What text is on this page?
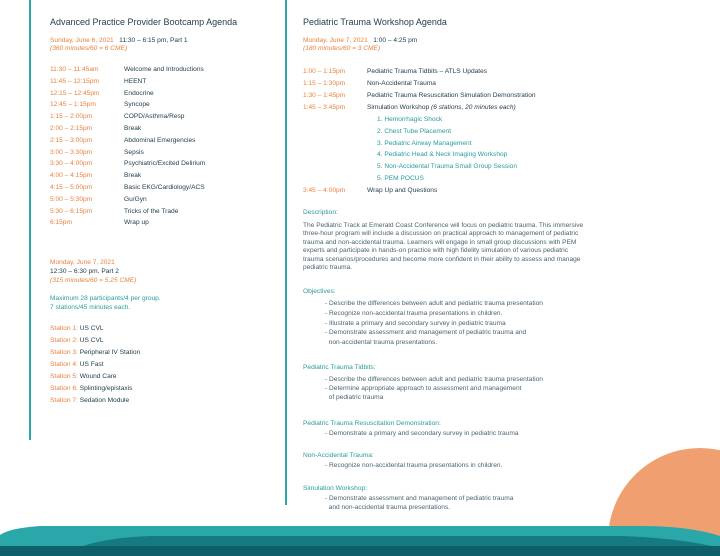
Advanced Practice Provider Bootcamp Agenda
Sunday, June 6, 2021 11:30 – 6:15 pm, Part 1
(360 minutes/60 = 6 CME)
11:30 – 11:45am	Welcome and Introductions
11:45 – 12:15pm	HEENT
12:15 – 12:45pm	Endocrine
12:45 – 1:15pm	Syncope
1:15 – 2:00pm	COPD/Asthma/Resp
2:00 – 2:15pm	Break
2:15 – 3:00pm	Abdominal Emergencies
3:00 – 3:30pm	Sepsis
3:30 – 4:00pm	Psychiatric/Excited Delirium
4:00 – 4:15pm	Break
4:15 – 5:00pm	Basic EKG/Cardiology/ACS
5:00 – 5:30pm	Gu/Gyn
5:30 – 6:15pm	Tricks of the Trade
6:15pm	Wrap up
Monday, June 7, 2021
12:30 – 6:30 pm, Part 2
(315 minutes/60 = 5.25 CME)
Maximum 28 participants/4 per group.
7 stations/45 minutes each.
Station 1: US CVL
Station 2: US CVL
Station 3: Peripheral IV Station
Station 4: US Fast
Station 5: Wound Care
Station 6: Splinting/epistaxis
Station 7: Sedation Module
Pediatric Trauma Workshop Agenda
Monday, June 7, 2021 1:00 – 4:25 pm
(180 minutes/60 = 3 CME)
1:00 – 1:15pm	Pediatric Trauma Tidbits – ATLS Updates
1:15 – 1:30pm	Non-Accidental Trauma
1:30 – 1:45pm	Pediatric Trauma Resuscitation Simulation Demonstration
1:45 – 3:45pm	Simulation Workshop (6 stations, 20 minutes each)
1. Hemorrhagic Shock
2. Chest Tube Placement
3. Pediatric Airway Management
4. Pediatric Head & Neck Imaging Workshop
5. Non-Accidental Trauma Small Group Session
5. PEM POCUS
3:45 – 4:00pm	Wrap Up and Questions
Description:
The Pediatric Track at Emerald Coast Conference will focus on pediatric trauma. This immersive
three-hour program will include a discussion on practical approach to management of pediatric
trauma and non-accidental trauma. Learners will engage in small group discussions with PEM
experts and participate in hands-on practice with high fidelity simulation of various pediatric
trauma scenarios/procedures and become more confident in their ability to assess and manage
pediatric trauma.
Objectives:
- Describe the differences between adult and pediatric trauma presentation
- Recognize non-accidental trauma presentations in children.
- Illustrate a primary and secondary survey in pediatric trauma
- Demonstrate assessment and management of pediatric trauma and
non-accidental trauma presentations.
Pediatric Trauma Tidbits:
- Describe the differences between adult and pediatric trauma presentation
- Determine appropriate approach to assessment and management
of pediatric trauma
Pediatric Trauma Resuscitation Demonstration:
- Demonstrate a primary and secondary survey in pediatric trauma
Non-Accidental Trauma:
- Recognize non-accidental trauma presentations in children.
Simulation Workshop:
- Demonstrate assessment and management of pediatric trauma
and non-accidental trauma presentations.
